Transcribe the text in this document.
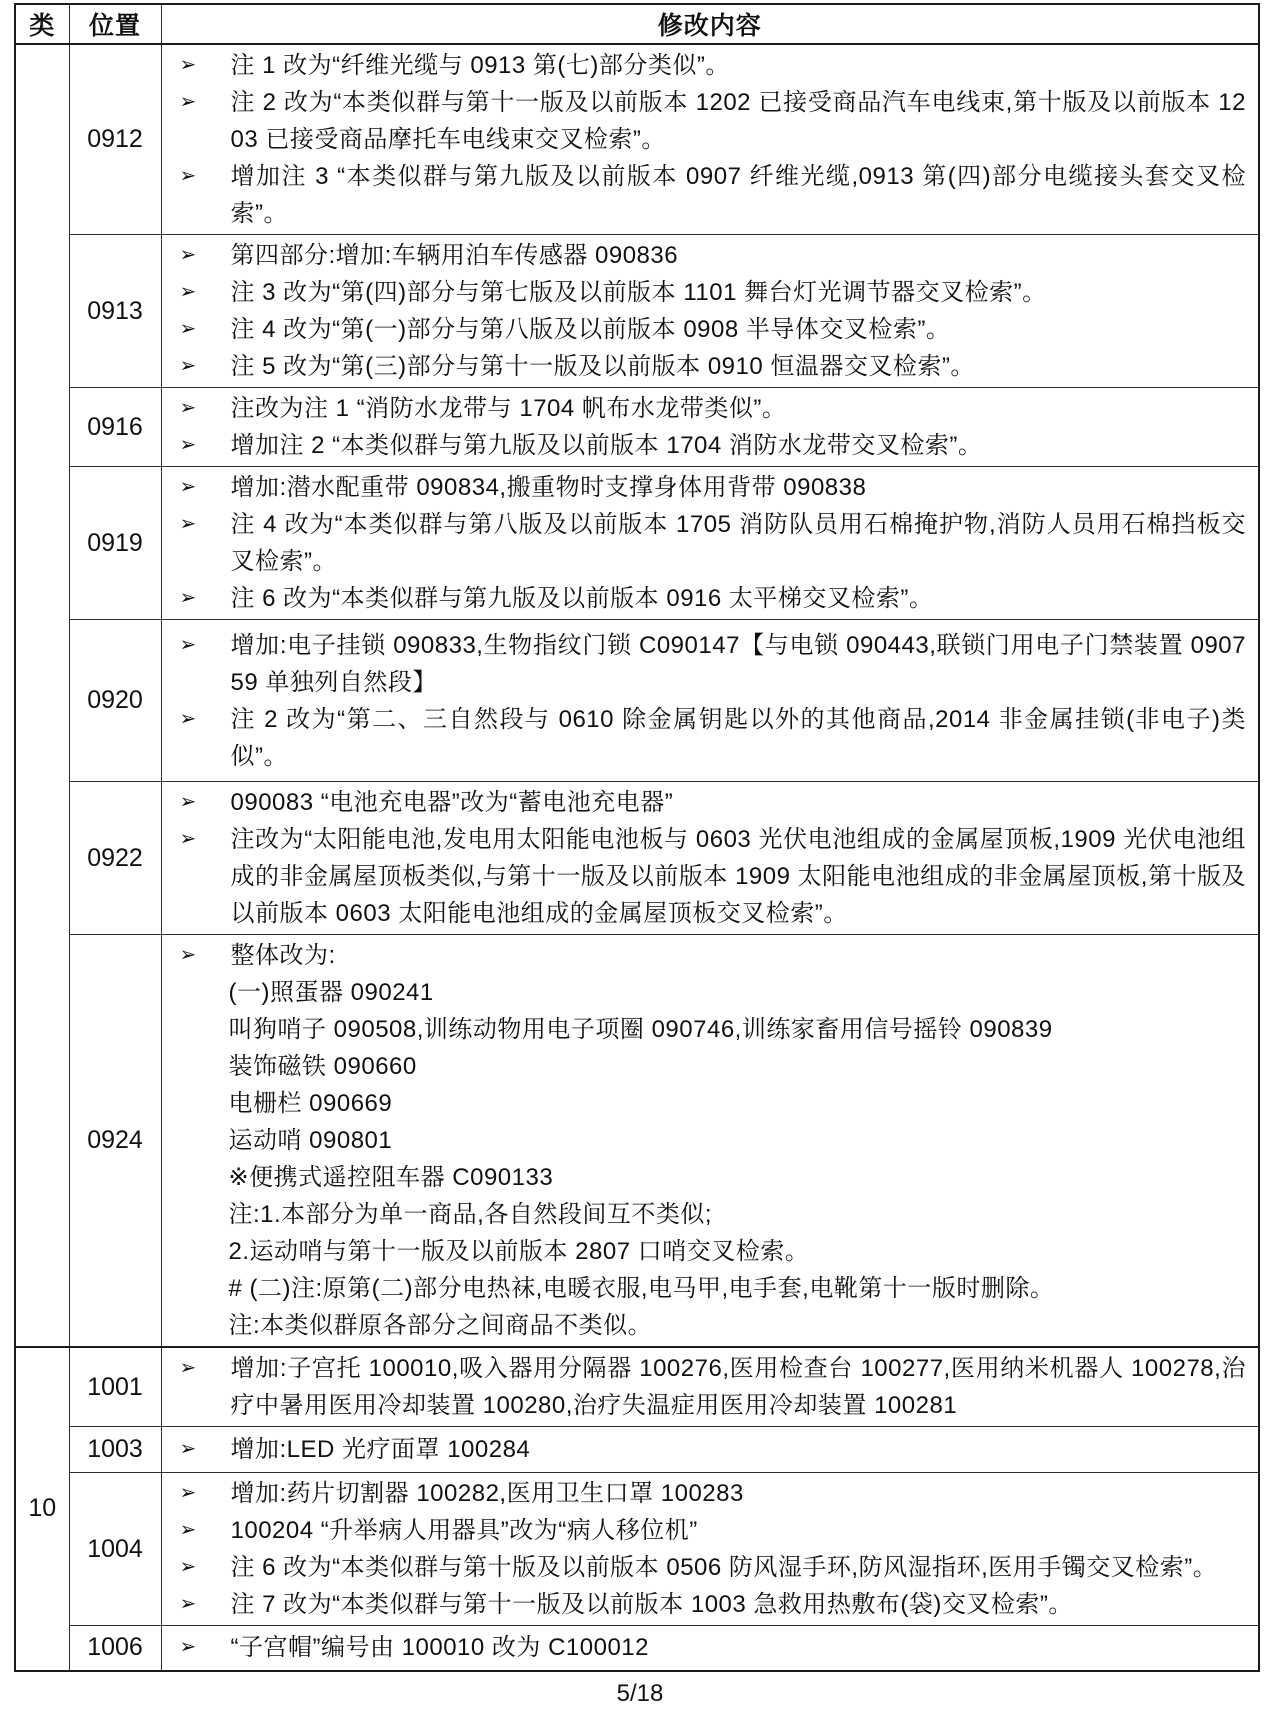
类	位置	修改内容
	0912	
➢	注 1 改为“纤维光缆与 0913 第(七)部分类似”。
➢	注 2 改为“本类似群与第十一版及以前版本 1202 已接受商品汽车电线束,第十版及以前版本 1203 已接受商品摩托车电线束交叉检索”。
➢	增加注 3 “本类似群与第九版及以前版本 0907 纤维光缆,0913 第(四)部分电缆接头套交叉检索”。

0913	
➢	第四部分:增加:车辆用泊车传感器 090836
➢	注 3 改为“第(四)部分与第七版及以前版本 1101 舞台灯光调节器交叉检索”。
➢	注 4 改为“第(一)部分与第八版及以前版本 0908 半导体交叉检索”。
➢	注 5 改为“第(三)部分与第十一版及以前版本 0910 恒温器交叉检索”。

	0916	➢ 注改为注 1 “消防水龙带与 1704 帆布水龙带类似”。
➢ 增加注 2 “本类似群与第九版及以前版本 1704 消防水龙带交叉检索”。

0919	
➢	增加:潜水配重带 090834,搬重物时支撑身体用背带 090838
➢	注 4 改为“本类似群与第八版及以前版本 1705 消防队员用石棉掩护物,消防人员用石棉挡板交叉检索”。
➢	注 6 改为“本类似群与第九版及以前版本 0916 太平梯交叉检索”。

	0920	➢ 增加:电子挂锁 090833,生物指纹门锁 C090147【与电锁 090443,联锁门用电子门禁装置 090759 单独列自然段】
➢ 注 2 改为“第二、三自然段与 0610 除金属钥匙以外的其他商品,2014 非金属挂锁(非电子)类似”。

	0922	➢ 090083 “电池充电器”改为“蓄电池充电器”
➢ 注改为“太阳能电池,发电用太阳能电池板与 0603 光伏电池组成的金属屋顶板,1909 光伏电池组成的非金属屋顶板类似,与第十一版及以前版本 1909 太阳能电池组成的非金属屋顶板,第十版及以前版本 0603 太阳能电池组成的金属屋顶板交叉检索”。

0924	
➢	整体改为:
(一)照蛋器 090241
叫狗哨子 090508,训练动物用电子项圈 090746,训练家畜用信号摇铃 090839
装饰磁铁 090660
电栅栏 090669
运动哨 090801
※便携式遥控阻车器 C090133
注:1.本部分为单一商品,各自然段间互不类似;
2.运动哨与第十一版及以前版本 2807 口哨交叉检索。
# (二)注:原第(二)部分电热袜,电暖衣服,电马甲,电手套,电靴第十一版时删除。
注:本类似群原各部分之间商品不类似。

10	1001	➢ 增加:子宫托 100010,吸入器用分隔器 100276,医用检查台 100277,医用纳米机器人 100278,治疗中暑用医用冷却装置 100280,治疗失温症用医用冷却装置 100281

	1003	➢ 增加:LED 光疗面罩 100284

1004	
➢	增加:药片切割器 100282,医用卫生口罩 100283
➢	100204 “升举病人用器具”改为“病人移位机”
➢	注 6 改为“本类似群与第十版及以前版本 0506 防风湿手环,防风湿指环,医用手镯交叉检索”。
➢	注 7 改为“本类似群与第十一版及以前版本 1003 急救用热敷布(袋)交叉检索”。

	1006	➢ “子宫帽”编号由 100010 改为 C100012
5/18
